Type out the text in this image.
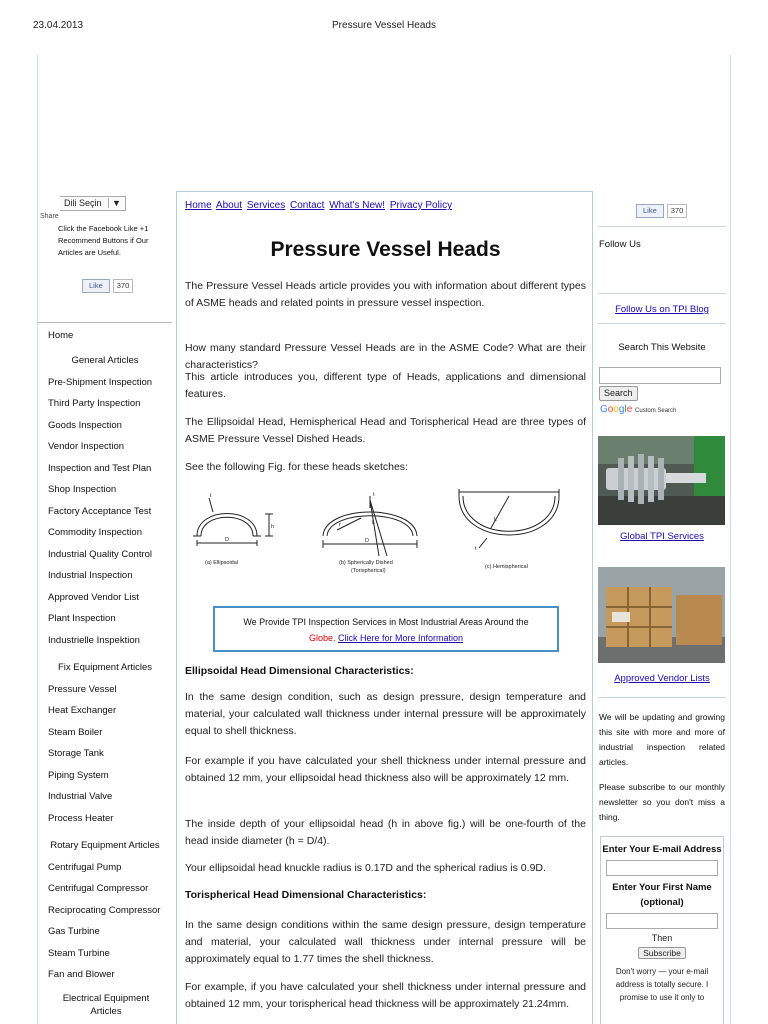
23.04.2013	Pressure Vessel Heads
Dili Seçin ▼
Share
Click the Facebook Like +1 Recommend Buttons if Our Articles are Useful.
Like 370
Home
General Articles
Pre-Shipment Inspection
Third Party Inspection
Goods Inspection
Vendor Inspection
Inspection and Test Plan
Shop Inspection
Factory Acceptance Test
Commodity Inspection
Industrial Quality Control
Industrial Inspection
Approved Vendor List
Plant Inspection
Industrielle Inspektion
Fix Equipment Articles
Pressure Vessel
Heat Exchanger
Steam Boiler
Storage Tank
Piping System
Industrial Valve
Process Heater
Rotary Equipment Articles
Centrifugal Pump
Centrifugal Compressor
Reciprocating Compressor
Gas Turbine
Steam Turbine
Fan and Blower
Electrical Equipment Articles
Home About Services Contact What's New! Privacy Policy
Pressure Vessel Heads
The Pressure Vessel Heads article provides you with information about different types of ASME heads and related points in pressure vessel inspection.
How many standard Pressure Vessel Heads are in the ASME Code? What are their characteristics?
This article introduces you, different type of Heads, applications and dimensional features.
The Ellipsoidal Head, Hemispherical Head and Torispherical Head are three types of ASME Pressure Vessel Dished Heads.
See the following Fig. for these heads sketches:
t
h
D
L
r
t
D
L
t
(a) Ellipsoidal	(b) Spherically Dished
(Torispherical)
(c) Hemispherical
We Provide TPI Inspection Services in Most Industrial Areas Around the
Globe. Click Here for More Information
Ellipsoidal Head Dimensional Characteristics:
In the same design condition, such as design pressure, design temperature and material, your calculated wall thickness under internal pressure will be approximately equal to shell thickness.
For example if you have calculated your shell thickness under internal pressure and obtained 12 mm, your ellipsoidal head thickness also will be approximately 12 mm.
The inside depth of your ellipsoidal head (h in above fig.) will be one-fourth of the head inside diameter (h = D/4).
Your ellipsoidal head knuckle radius is 0.17D and the spherical radius is 0.9D.
Torispherical Head Dimensional Characteristics:
In the same design conditions within the same design pressure, design temperature and material, your calculated wall thickness under internal pressure will be approximately equal to 1.77 times the shell thickness.
For example, if you have calculated your shell thickness under internal pressure and obtained 12 mm, your torispherical head thickness will be approximately 21.24mm.
Like 370
Follow Us
Follow Us on TPI Blog
Search This Website
Search
Google Custom Search
Global TPI Services
Approved Vendor Lists
We will be updating and growing this site with more and more of industrial inspection related articles.
Please subscribe to our monthly newsletter so you don't miss a thing.
Enter Your E-mail Address
Enter Your First Name (optional)
Then
Subscribe
Don't worry — your e-mail address is totally secure. I promise to use it only to
